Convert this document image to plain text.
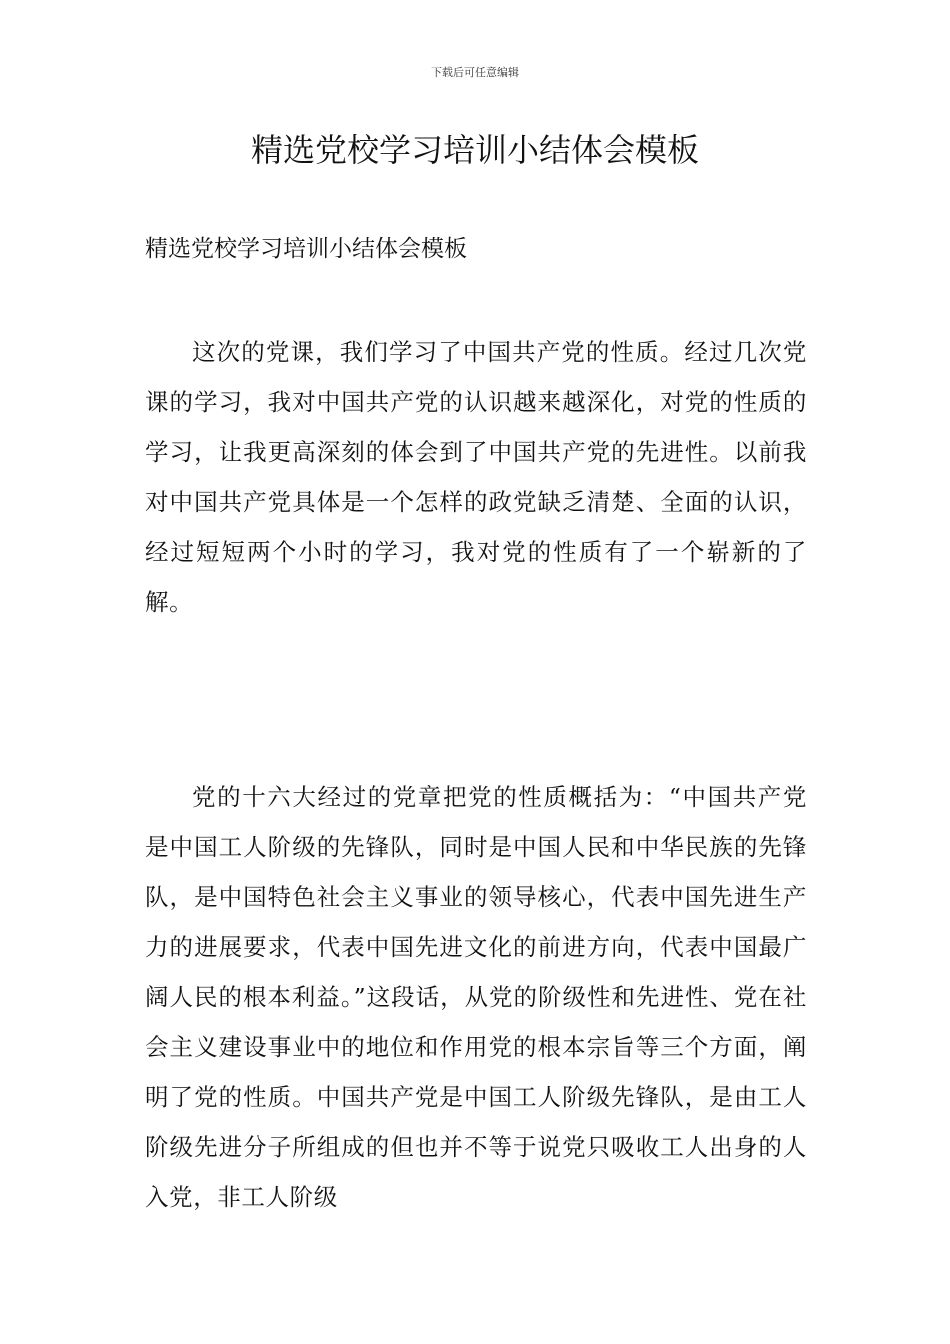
下载后可任意编辑
精选党校学习培训小结体会模板
精选党校学习培训小结体会模板

这次的党课，我们学习了中国共产党的性质。经过几次党课的学习，我对中国共产党的认识越来越深化，对党的性质的学习，让我更高深刻的体会到了中国共产党的先进性。以前我对中国共产党具体是一个怎样的政党缺乏清楚、全面的认识，经过短短两个小时的学习，我对党的性质有了一个崭新的了解。

党的十六大经过的党章把党的性质概括为：“中国共产党是中国工人阶级的先锋队，同时是中国人民和中华民族的先锋队，是中国特色社会主义事业的领导核心，代表中国先进生产力的进展要求，代表中国先进文化的前进方向，代表中国最广阔人民的根本利益。”这段话，从党的阶级性和先进性、党在社会主义建设事业中的地位和作用党的根本宗旨等三个方面，阐明了党的性质。中国共产党是中国工人阶级先锋队，是由工人阶级先进分子所组成的但也并不等于说党只吸收工人出身的人入党，非工人阶级
